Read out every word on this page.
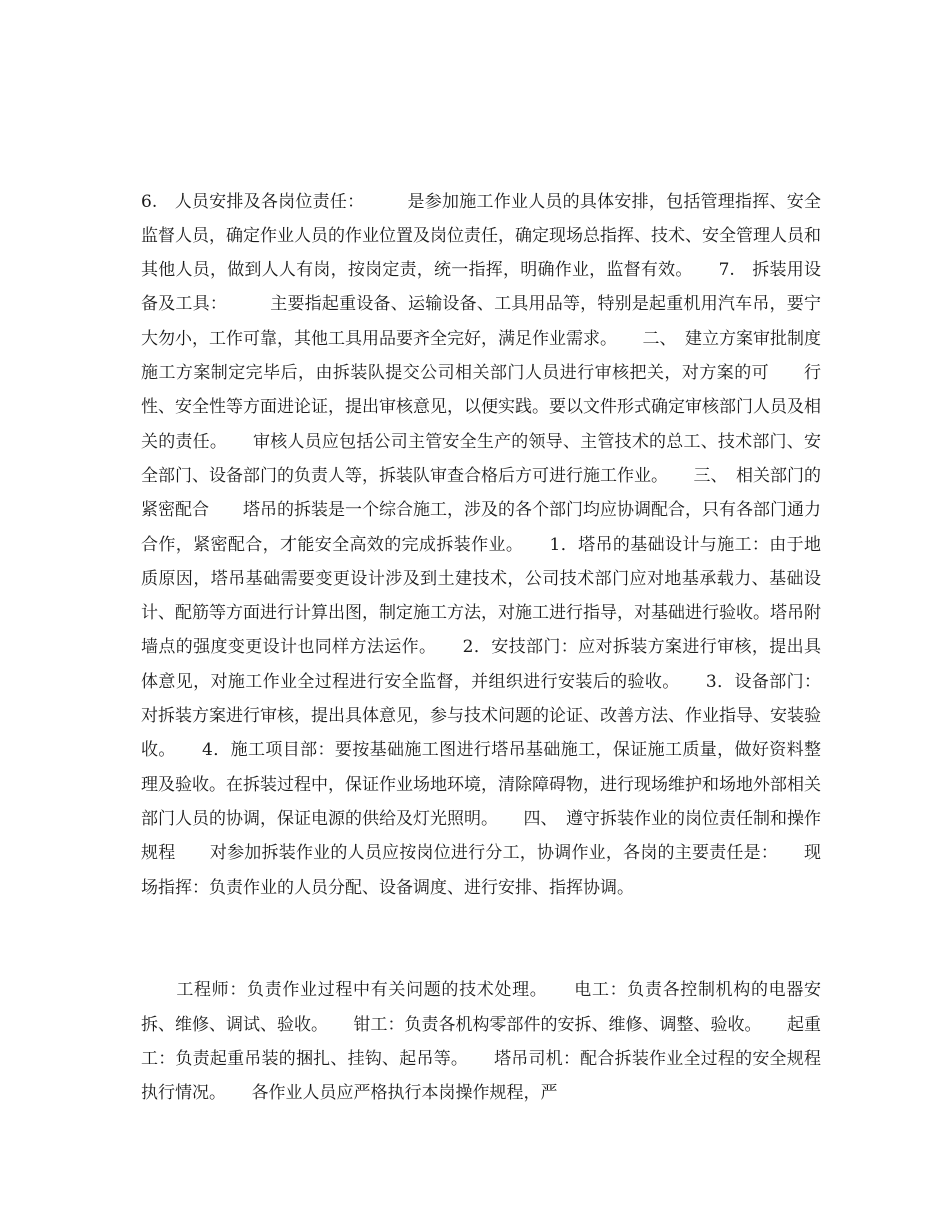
6.　人员安排及各岗位责任：　　　是参加施工作业人员的具体安排，包括管理指挥、安全监督人员，确定作业人员的作业位置及岗位责任，确定现场总指挥、技术、安全管理人员和其他人员，做到人人有岗，按岗定责，统一指挥，明确作业，监督有效。　　7.　拆装用设备及工具：　　　主要指起重设备、运输设备、工具用品等，特别是起重机用汽车吊，要宁大勿小，工作可靠，其他工具用品要齐全完好，满足作业需求。　　二、　建立方案审批制度　　　施工方案制定完毕后，由拆装队提交公司相关部门人员进行审核把关，对方案的可　　行性、安全性等方面进论证，提出审核意见，以便实践。要以文件形式确定审核部门人员及相关的责任。　　审核人员应包括公司主管安全生产的领导、主管技术的总工、技术部门、安全部门、设备部门的负责人等，拆装队审查合格后方可进行施工作业。　　三、　相关部门的紧密配合　　塔吊的拆装是一个综合施工，涉及的各个部门均应协调配合，只有各部门通力合作，紧密配合，才能安全高效的完成拆装作业。　　1．塔吊的基础设计与施工：由于地质原因，塔吊基础需要变更设计涉及到土建技术，公司技术部门应对地基承载力、基础设计、配筋等方面进行计算出图，制定施工方法，对施工进行指导，对基础进行验收。塔吊附墙点的强度变更设计也同样方法运作。　　2．安技部门：应对拆装方案进行审核，提出具体意见，对施工作业全过程进行安全监督，并组织进行安装后的验收。　　3．设备部门：对拆装方案进行审核，提出具体意见，参与技术问题的论证、改善方法、作业指导、安装验收。　　4．施工项目部：要按基础施工图进行塔吊基础施工，保证施工质量，做好资料整理及验收。在拆装过程中，保证作业场地环境，清除障碍物，进行现场维护和场地外部相关部门人员的协调，保证电源的供给及灯光照明。　　四、　遵守拆装作业的岗位责任制和操作规程　　对参加拆装作业的人员应按岗位进行分工，协调作业，各岗的主要责任是：　　现场指挥：负责作业的人员分配、设备调度、进行安排、指挥协调。

　　工程师：负责作业过程中有关问题的技术处理。　　电工：负责各控制机构的电器安拆、维修、调试、验收。　　钳工：负责各机构零部件的安拆、维修、调整、验收。　　起重工：负责起重吊装的捆扎、挂钩、起吊等。　　塔吊司机：配合拆装作业全过程的安全规程执行情况。　　各作业人员应严格执行本岗操作规程，严
